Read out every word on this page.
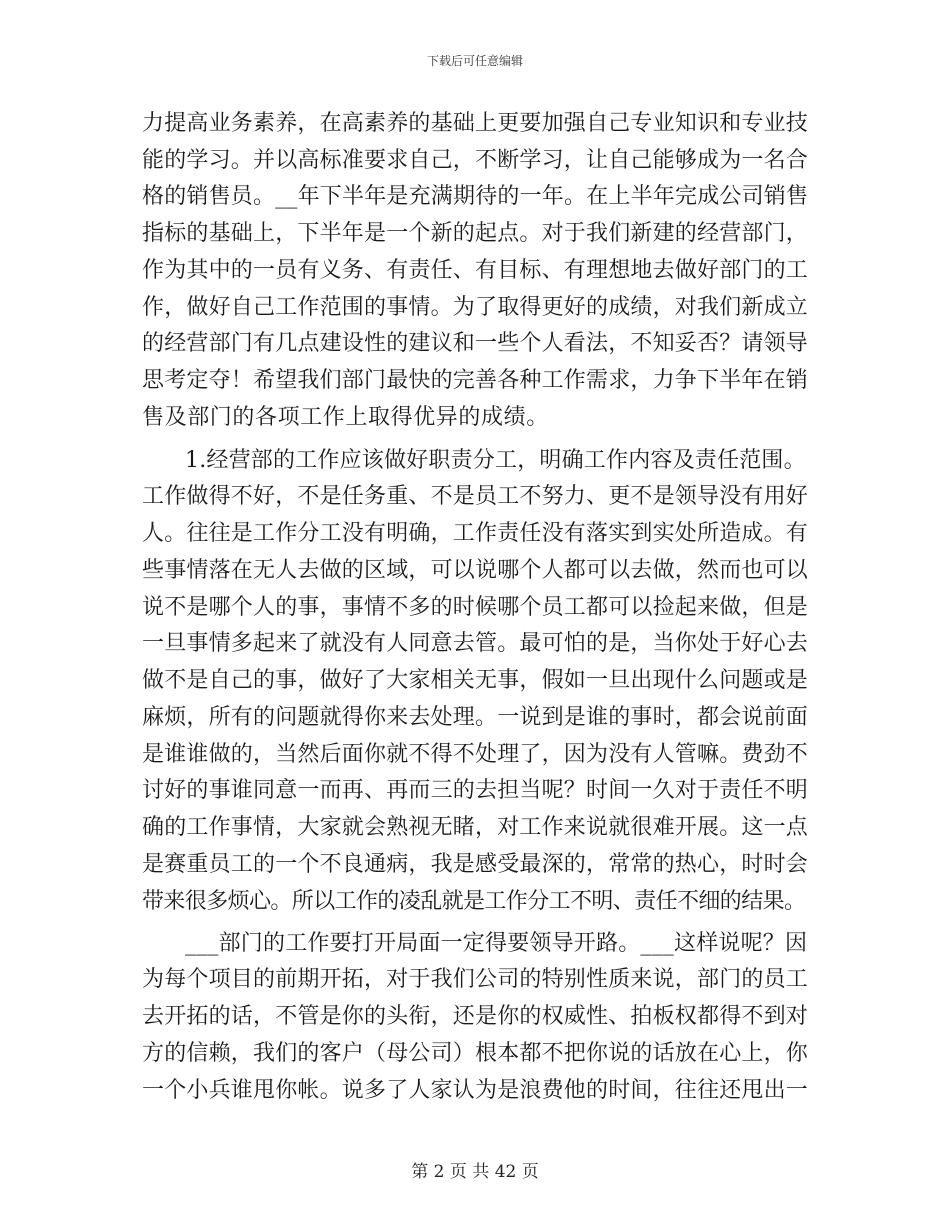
下载后可任意编辑
力提高业务素养，在高素养的基础上更要加强自己专业知识和专业技
能的学习。并以高标准要求自己，不断学习，让自己能够成为一名合
格的销售员。__年下半年是充满期待的一年。在上半年完成公司销售
指标的基础上，下半年是一个新的起点。对于我们新建的经营部门，
作为其中的一员有义务、有责任、有目标、有理想地去做好部门的工
作，做好自己工作范围的事情。为了取得更好的成绩，对我们新成立
的经营部门有几点建设性的建议和一些个人看法，不知妥否？请领导
思考定夺！希望我们部门最快的完善各种工作需求，力争下半年在销
售及部门的各项工作上取得优异的成绩。
1.经营部的工作应该做好职责分工，明确工作内容及责任范围。
工作做得不好，不是任务重、不是员工不努力、更不是领导没有用好
人。往往是工作分工没有明确，工作责任没有落实到实处所造成。有
些事情落在无人去做的区域，可以说哪个人都可以去做，然而也可以
说不是哪个人的事，事情不多的时候哪个员工都可以捡起来做，但是
一旦事情多起来了就没有人同意去管。最可怕的是，当你处于好心去
做不是自己的事，做好了大家相关无事，假如一旦出现什么问题或是
麻烦，所有的问题就得你来去处理。一说到是谁的事时，都会说前面
是谁谁做的，当然后面你就不得不处理了，因为没有人管嘛。费劲不
讨好的事谁同意一而再、再而三的去担当呢？时间一久对于责任不明
确的工作事情，大家就会熟视无睹，对工作来说就很难开展。这一点
是赛重员工的一个不良通病，我是感受最深的，常常的热心，时时会
带来很多烦心。所以工作的凌乱就是工作分工不明、责任不细的结果。
___部门的工作要打开局面一定得要领导开路。___这样说呢？因
为每个项目的前期开拓，对于我们公司的特别性质来说，部门的员工
去开拓的话，不管是你的头衔，还是你的权威性、拍板权都得不到对
方的信赖，我们的客户（母公司）根本都不把你说的话放在心上，你
一个小兵谁甩你帐。说多了人家认为是浪费他的时间，往往还甩出一
第 2 页 共 42 页
